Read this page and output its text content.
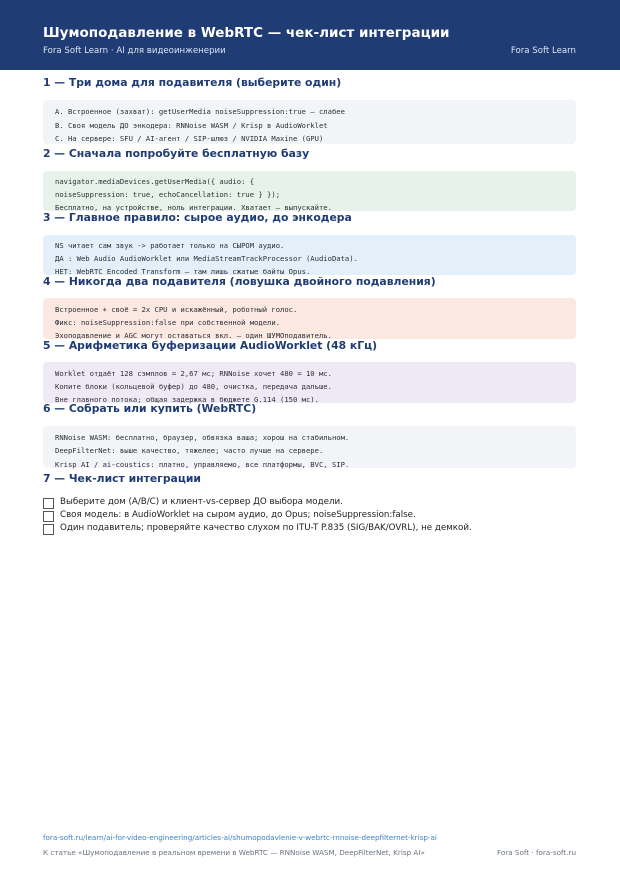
Шумоподавление в WebRTC — чек-лист интеграции
Fora Soft Learn · AI для видеоинженерии	Fora Soft Learn
1 — Три дома для подавителя (выберите один)
A. Встроенное (захват): getUserMedia noiseSuppression:true — слабее
B. Своя модель ДО энкодера: RNNoise WASM / Krisp в AudioWorklet
C. На сервере: SFU / AI-агент / SIP-шлюз / NVIDIA Maxine (GPU)
2 — Сначала попробуйте бесплатную базу
navigator.mediaDevices.getUserMedia({ audio: {
noiseSuppression: true, echoCancellation: true } });
Бесплатно, на устройстве, ноль интеграции. Хватает — выпускайте.
3 — Главное правило: сырое аудио, до энкодера
NS читает сам звук -> работает только на СЫРОМ аудио.
ДА : Web Audio AudioWorklet или MediaStreamTrackProcessor (AudioData).
НЕТ: WebRTC Encoded Transform — там лишь сжатые байты Opus.
4 — Никогда два подавителя (ловушка двойного подавления)
Встроенное + своё = 2x CPU и искажённый, роботный голос.
Фикс: noiseSuppression:false при собственной модели.
Эхоподавление и AGC могут оставаться вкл. — один ШУМОподавитель.
5 — Арифметика буферизации AudioWorklet (48 кГц)
Worklet отдаёт 128 сэмплов = 2,67 мс; RNNoise хочет 480 = 10 мс.
Копите блоки (кольцевой буфер) до 480, очистка, передача дальше.
Вне главного потока; общая задержка в бюджете G.114 (150 мс).
6 — Собрать или купить (WebRTC)
RNNoise WASM: бесплатно, браузер, обвязка ваша; хорош на стабильном.
DeepFilterNet: выше качество, тяжелее; часто лучше на сервере.
Krisp AI / ai-coustics: платно, управляемо, все платформы, BVC, SIP.
7 — Чек-лист интеграции
Выберите дом (A/B/C) и клиент-vs-сервер ДО выбора модели.
Своя модель: в AudioWorklet на сыром аудио, до Opus; noiseSuppression:false.
Один подавитель; проверяйте качество слухом по ITU-T P.835 (SIG/BAK/OVRL), не демкой.
fora-soft.ru/learn/ai-for-video-engineering/articles-ai/shumopodavlenie-v-webrtc-rnnoise-deepfilternet-krisp-ai
К статье «Шумоподавление в реальном времени в WebRTC — RNNoise WASM, DeepFilterNet, Krisp AI»	Fora Soft · fora-soft.ru
